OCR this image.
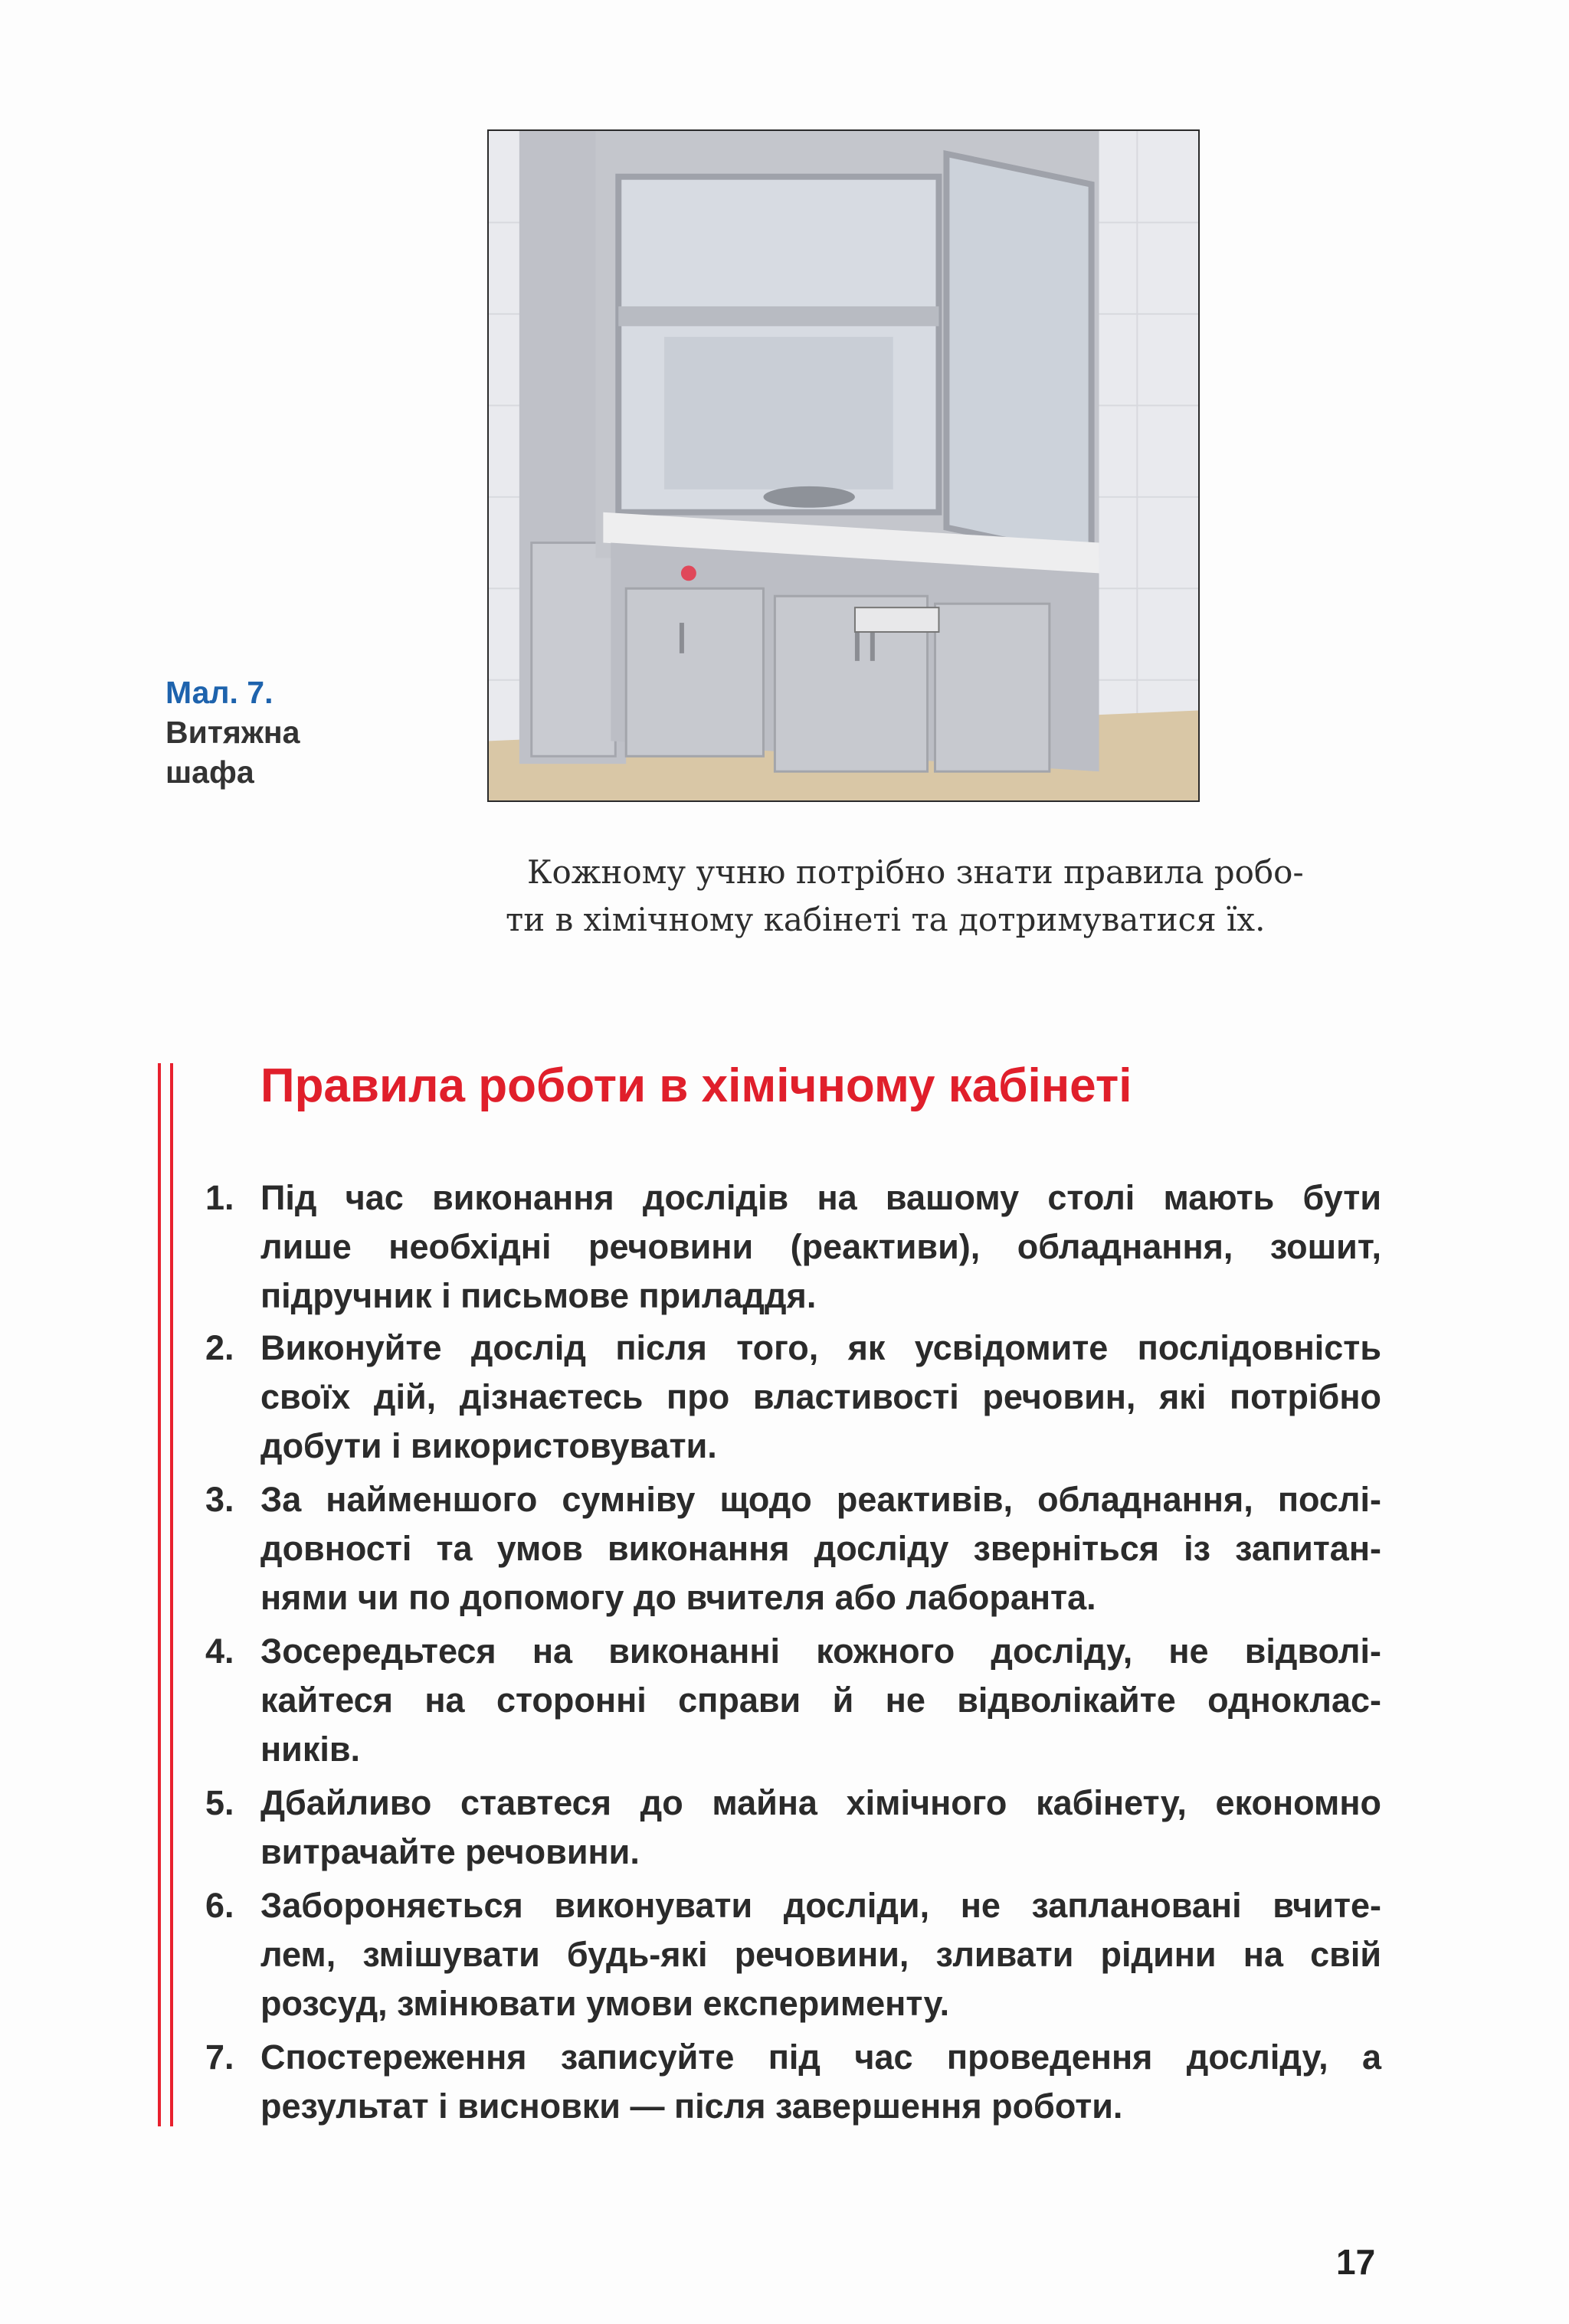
Мал. 7.
Витяжна
шафа
Кожному учню потрібно знати правила робо-
ти в хімічному кабінеті та дотримуватися їх.
Правила роботи в хімічному кабінеті
1. Під час виконання дослідів на вашому столі мають бути
лише необхідні речовини (реактиви), обладнання, зошит,
підручник і письмове приладдя.
2. Виконуйте дослід після того, як усвідомите послідовність
своїх дій, дізнаєтесь про властивості речовин, які потрібно
добути і використовувати.
3. За найменшого сумніву щодо реактивів, обладнання, послі-
довності та умов виконання досліду зверніться із запитан-
нями чи по допомогу до вчителя або лаборанта.
4. Зосередьтеся на виконанні кожного досліду, не відволі-
кайтеся на сторонні справи й не відволікайте одноклас-
ників.
5. Дбайливо ставтеся до майна хімічного кабінету, економно
витрачайте речовини.
6. Забороняється виконувати досліди, не заплановані вчите-
лем, змішувати будь-які речовини, зливати рідини на свій
розсуд, змінювати умови експерименту.
7. Спостереження записуйте під час проведення досліду, а
результат і висновки — після завершення роботи.
17
